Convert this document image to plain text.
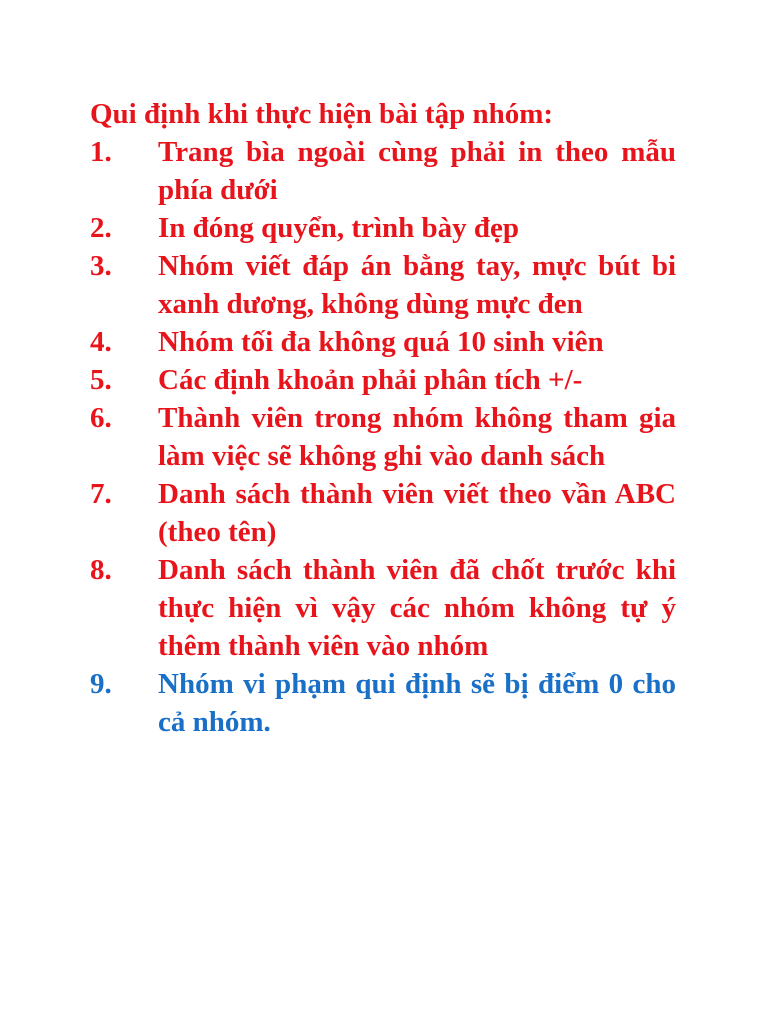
Qui định khi thực hiện bài tập nhóm:

1.	Trang bìa ngoài cùng phải in theo mẫu phía dưới
2.	In đóng quyển, trình bày đẹp
3.	Nhóm viết đáp án bằng tay, mực bút bi xanh dương, không dùng mực đen
4.	Nhóm tối đa không quá 10 sinh viên
5.	Các định khoản phải phân tích +/-
6.	Thành viên trong nhóm không tham gia làm việc sẽ không ghi vào danh sách
7.	Danh sách thành viên viết theo vần ABC (theo tên)
8.	Danh sách thành viên đã chốt trước khi thực hiện vì vậy các nhóm không tự ý thêm thành viên vào nhóm
9.	Nhóm vi phạm qui định sẽ bị điểm 0 cho cả nhóm.
